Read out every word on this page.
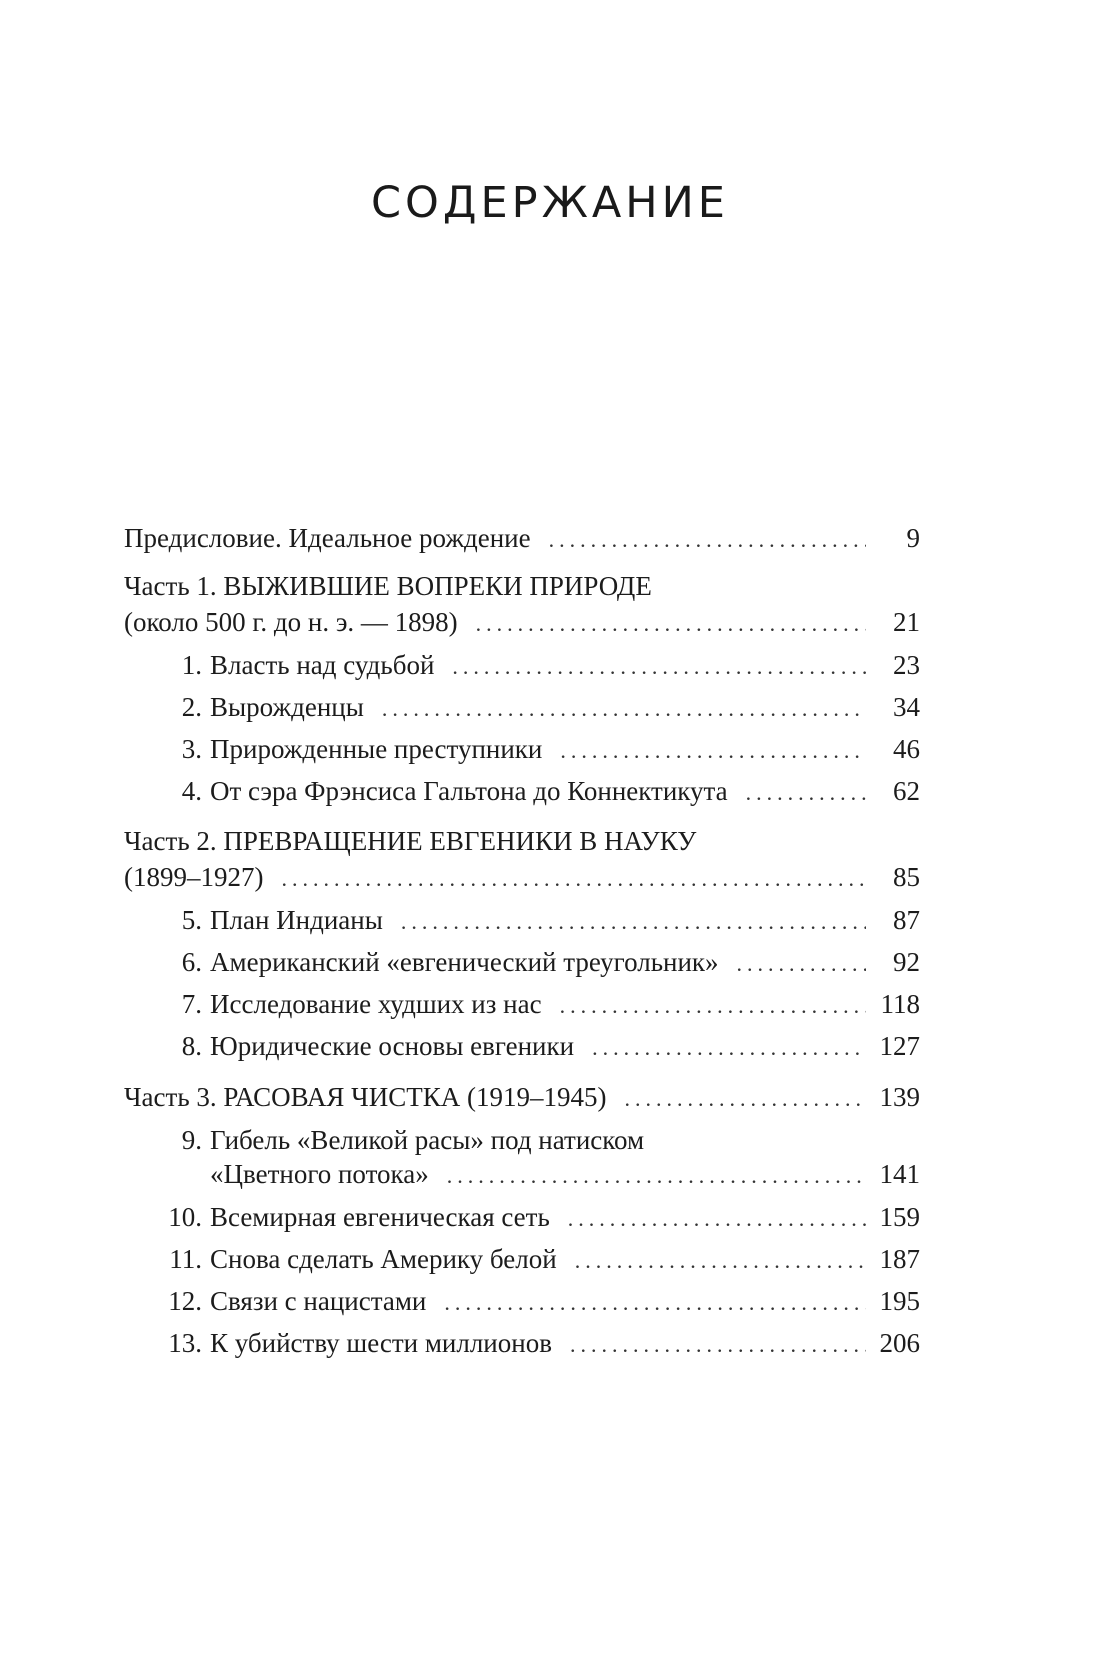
СОДЕРЖАНИЕ
Предисловие. Идеальное рождение .....	9
Часть 1. ВЫЖИВШИЕ ВОПРЕКИ ПРИРОДЕ
(около 500 г. до н. э. — 1898) .....	21
1. Власть над судьбой .....	23
2. Вырожденцы .....	34
3. Прирожденные преступники .....	46
4. От сэра Фрэнсиса Гальтона до Коннектикута .....	62
Часть 2. ПРЕВРАЩЕНИЕ ЕВГЕНИКИ В НАУКУ
(1899–1927) .....	85
5. План Индианы .....	87
6. Американский «евгенический треугольник» .....	92
7. Исследование худших из нас .....	118
8. Юридические основы евгеники .....	127
Часть 3. РАСОВАЯ ЧИСТКА (1919–1945) .....	139
9. Гибель «Великой расы» под натиском
«Цветного потока» .....	141
10. Всемирная евгеническая сеть .....	159
11. Снова сделать Америку белой .....	187
12. Связи с нацистами .....	195
13. К убийству шести миллионов .....	206
